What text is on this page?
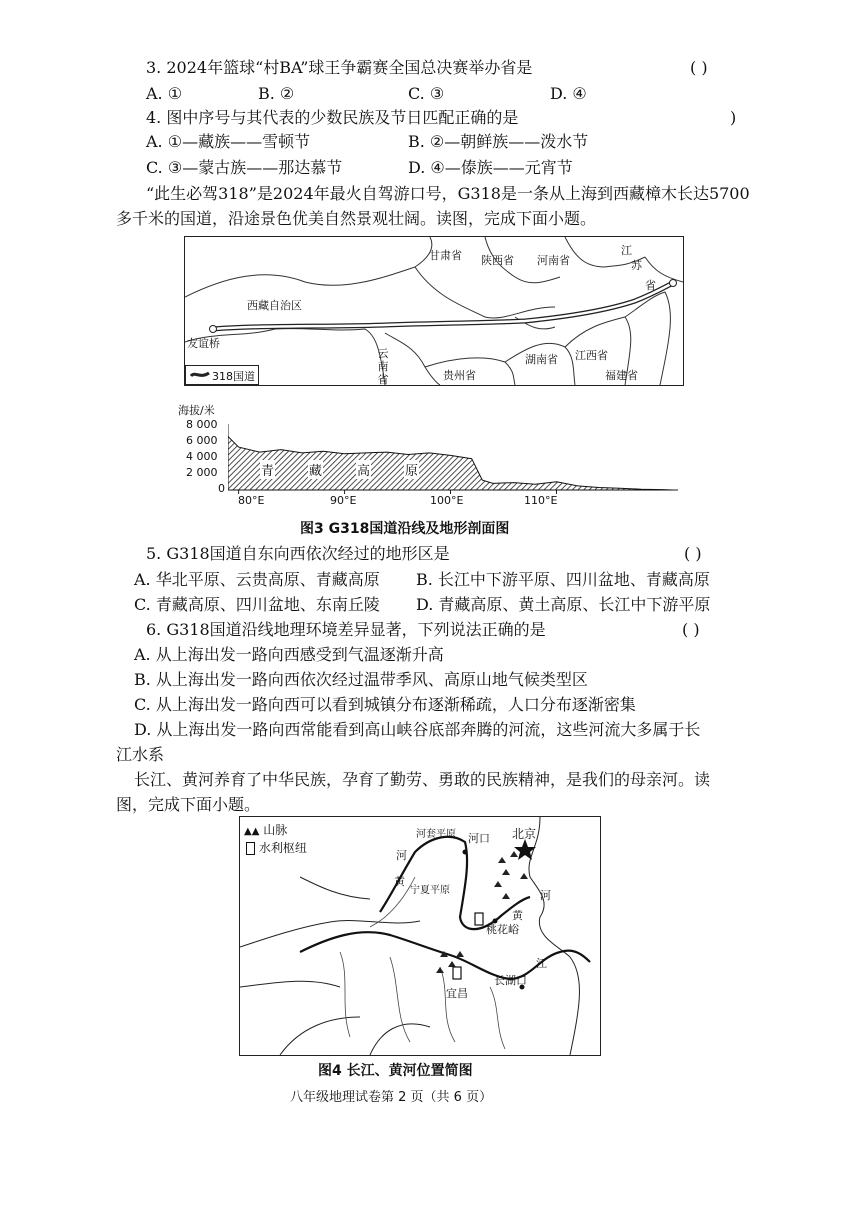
3. 2024年篮球“村BA”球王争霸赛全国总决赛举办省是	( )
A. ①	B. ②	C. ③	D. ④
4. 图中序号与其代表的少数民族及节日匹配正确的是	)
A. ①—藏族——雪顿节	B. ②—朝鲜族——泼水节
C. ③—蒙古族——那达慕节	D. ④—傣族——元宵节
“此生必驾318”是2024年最火自驾游口号，G318是一条从上海到西藏樟木长达5700
多千米的国道，沿途景色优美自然景观壮阔。读图，完成下面小题。
甘肃省 陕西省 河南省
江
苏
省
西藏自治区
友谊桥
云
南
省	贵州省
湖南省 江西省
福建省
318国道
海拔/米
8 000
6 000
4 000
2 000
0
80°E	90°E	100°E	110°E
青	藏	高	原
图3 G318国道沿线及地形剖面图
5. G318国道自东向西依次经过的地形区是	( )
A. 华北平原、云贵高原、青藏高原 B. 长江中下游平原、四川盆地、青藏高原
C. 青藏高原、四川盆地、东南丘陵 D. 青藏高原、黄土高原、长江中下游平原
6. G318国道沿线地理环境差异显著，下列说法正确的是	( )
A. 从上海出发一路向西感受到气温逐渐升高
B. 从上海出发一路向西依次经过温带季风、高原山地气候类型区
C. 从上海出发一路向西可以看到城镇分布逐渐稀疏，人口分布逐渐密集
D. 从上海出发一路向西常能看到高山峡谷底部奔腾的河流，这些河流大多属于长
江水系
长江、黄河养育了中华民族，孕育了勤劳、勇敢的民族精神，是我们的母亲河。读
图，完成下面小题。
▲▲ 山脉
水利枢纽
河套平原 河口 北京
河
黄
宁夏平原	河
黄
桃花峪
江
长湖口
宜昌
图4 长江、黄河位置简图
八年级地理试卷第 2 页（共 6 页）
